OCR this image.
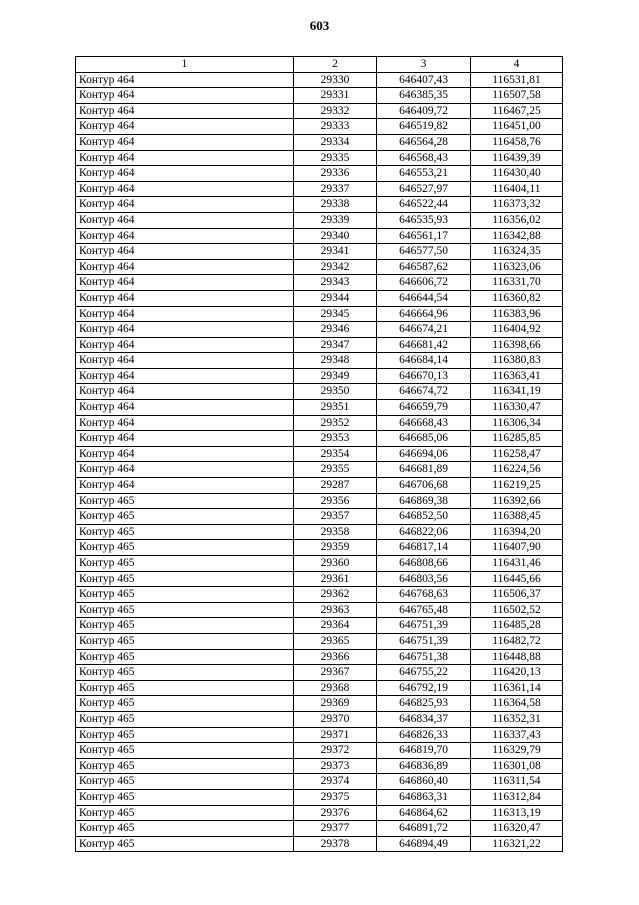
603
1	2	3	4
Контур 464	29330	646407,43	116531,81
Контур 464	29331	646385,35	116507,58
Контур 464	29332	646409,72	116467,25
Контур 464	29333	646519,82	116451,00
Контур 464	29334	646564,28	116458,76
Контур 464	29335	646568,43	116439,39
Контур 464	29336	646553,21	116430,40
Контур 464	29337	646527,97	116404,11
Контур 464	29338	646522,44	116373,32
Контур 464	29339	646535,93	116356,02
Контур 464	29340	646561,17	116342,88
Контур 464	29341	646577,50	116324,35
Контур 464	29342	646587,62	116323,06
Контур 464	29343	646606,72	116331,70
Контур 464	29344	646644,54	116360,82
Контур 464	29345	646664,96	116383,96
Контур 464	29346	646674,21	116404,92
Контур 464	29347	646681,42	116398,66
Контур 464	29348	646684,14	116380,83
Контур 464	29349	646670,13	116363,41
Контур 464	29350	646674,72	116341,19
Контур 464	29351	646659,79	116330,47
Контур 464	29352	646668,43	116306,34
Контур 464	29353	646685,06	116285,85
Контур 464	29354	646694,06	116258,47
Контур 464	29355	646681,89	116224,56
Контур 464	29287	646706,68	116219,25
Контур 465	29356	646869,38	116392,66
Контур 465	29357	646852,50	116388,45
Контур 465	29358	646822,06	116394,20
Контур 465	29359	646817,14	116407,90
Контур 465	29360	646808,66	116431,46
Контур 465	29361	646803,56	116445,66
Контур 465	29362	646768,63	116506,37
Контур 465	29363	646765,48	116502,52
Контур 465	29364	646751,39	116485,28
Контур 465	29365	646751,39	116482,72
Контур 465	29366	646751,38	116448,88
Контур 465	29367	646755,22	116420,13
Контур 465	29368	646792,19	116361,14
Контур 465	29369	646825,93	116364,58
Контур 465	29370	646834,37	116352,31
Контур 465	29371	646826,33	116337,43
Контур 465	29372	646819,70	116329,79
Контур 465	29373	646836,89	116301,08
Контур 465	29374	646860,40	116311,54
Контур 465	29375	646863,31	116312,84
Контур 465	29376	646864,62	116313,19
Контур 465	29377	646891,72	116320,47
Контур 465	29378	646894,49	116321,22
